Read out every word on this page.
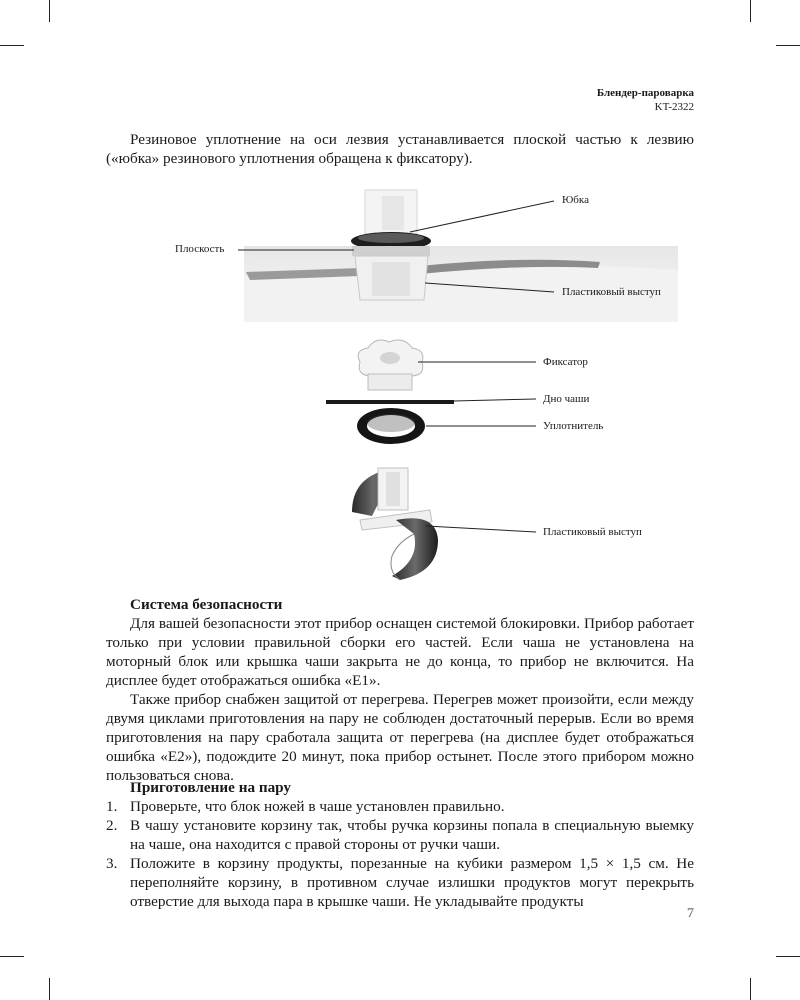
Блендер-пароварка
KT-2322

Резиновое уплотнение на оси лезвия устанавливается плоской частью к лезвию («юбка» резинового уплотнения обращена к фиксатору).

Юбка
Плоскость
Пластиковый выступ
Фиксатор
Дно чаши
Уплотнитель
Пластиковый выступ

Система безопасности

Для вашей безопасности этот прибор оснащен системой блокировки. Прибор работает только при условии правильной сборки его частей. Если чаша не установлена на моторный блок или крышка чаши закрыта не до конца, то прибор не включится. На дисплее будет отображаться ошибка «E1».

Также прибор снабжен защитой от перегрева. Перегрев может произойти, если между двумя циклами приготовления на пару не соблюден достаточный перерыв. Если во время приготовления на пару сработала защита от перегрева (на дисплее будет отображаться ошибка «E2»), подождите 20 минут, пока прибор остынет. После этого прибором можно пользоваться снова.

Приготовление на пару

1. Проверьте, что блок ножей в чаше установлен правильно.
2. В чашу установите корзину так, чтобы ручка корзины попала в специальную выемку на чаше, она находится с правой стороны от ручки чаши.
3. Положите в корзину продукты, порезанные на кубики размером 1,5 × 1,5 см. Не переполняйте корзину, в противном случае излишки продуктов могут перекрыть отверстие для выхода пара в крышке чаши. Не укладывайте продукты
7
